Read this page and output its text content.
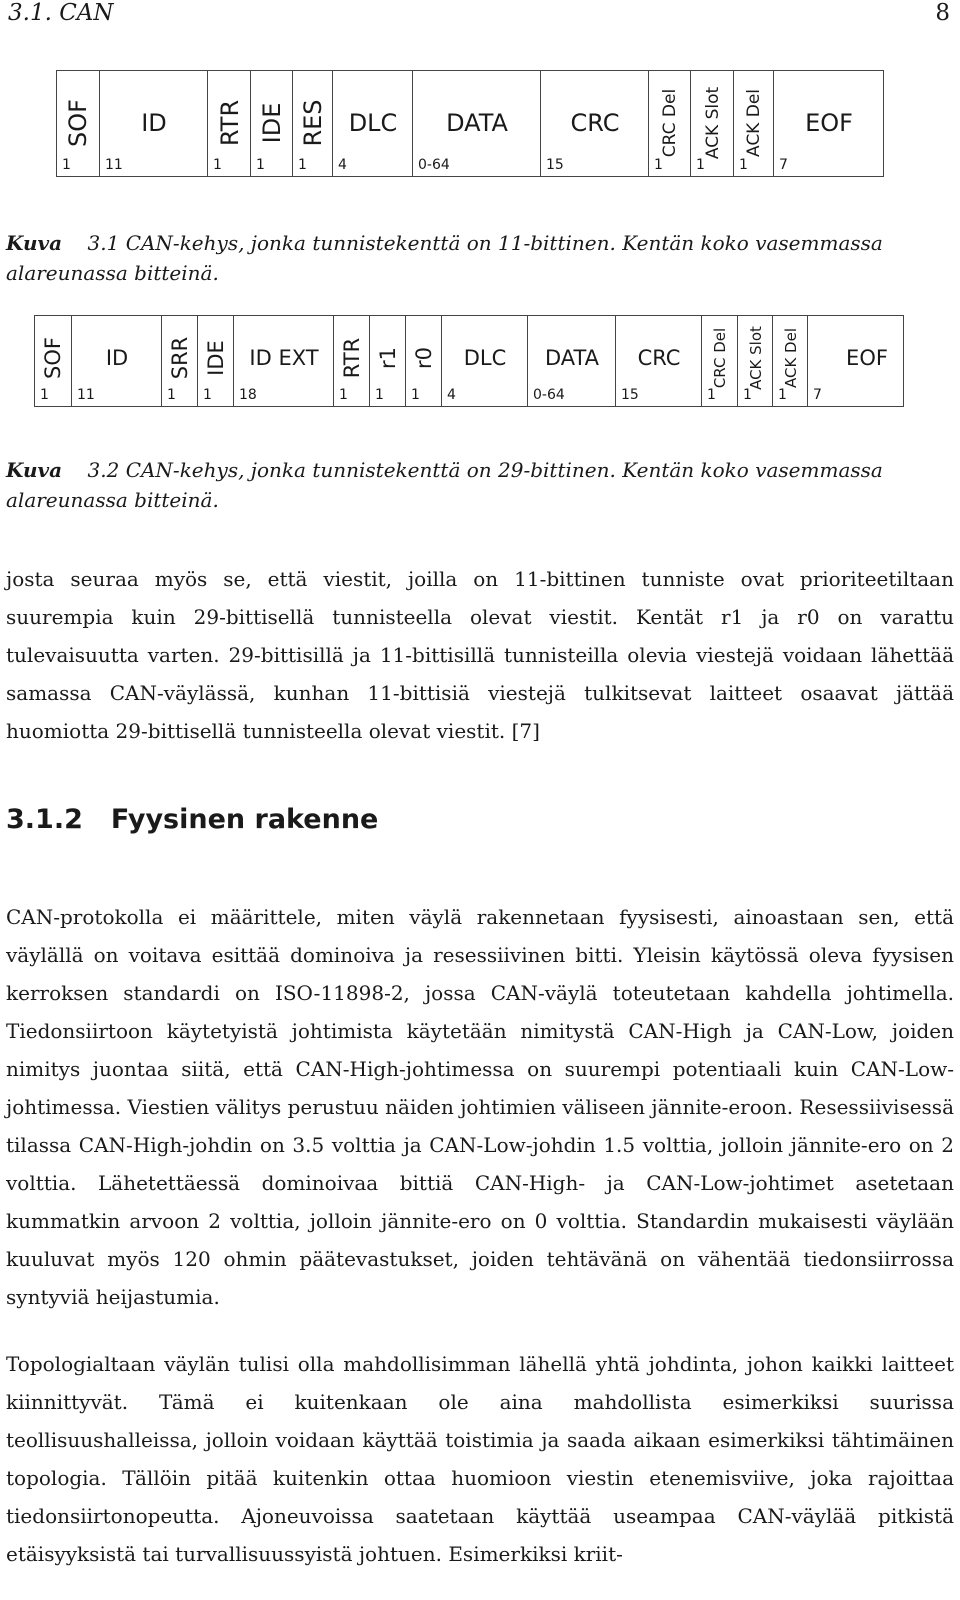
3.1. CAN	8
SOF
1
ID
11
RTR
1
IDE
1
RES
1
DLC
4
DATA
0-64
CRC
15
CRC Del
1
ACK Slot
1
ACK Del
1
EOF
7
Kuva 3.1 CAN-kehys, jonka tunnistekenttä on 11-bittinen. Kentän koko vasemmassa alareunassa bitteinä.
SOF
1
ID
11
SRR
1
IDE
1
ID EXT
18
RTR
1
r1
1
r0
1
DLC
4
DATA
0-64
CRC
15
CRC Del
1
ACK Slot
1
ACK Del
1
EOF
7
Kuva 3.2 CAN-kehys, jonka tunnistekenttä on 29-bittinen. Kentän koko vasemmassa alareunassa bitteinä.

josta seuraa myös se, että viestit, joilla on 11-bittinen tunniste ovat prioriteetiltaan suurempia kuin 29-bittisellä tunnisteella olevat viestit. Kentät r1 ja r0 on varattu tulevaisuutta varten. 29-bittisillä ja 11-bittisillä tunnisteilla olevia viestejä voidaan lähettää samassa CAN-väylässä, kunhan 11-bittisiä viestejä tulkitsevat laitteet osaavat jättää huomiotta 29-bittisellä tunnisteella olevat viestit. [7]

3.1.2 Fyysinen rakenne

CAN-protokolla ei määrittele, miten väylä rakennetaan fyysisesti, ainoastaan sen, että väylällä on voitava esittää dominoiva ja resessiivinen bitti. Yleisin käytössä oleva fyysisen kerroksen standardi on ISO-11898-2, jossa CAN-väylä toteutetaan kahdella johtimella. Tiedonsiirtoon käytetyistä johtimista käytetään nimitystä CAN-High ja CAN-Low, joiden nimitys juontaa siitä, että CAN-High-johtimessa on suurempi potentiaali kuin CAN-Low-johtimessa. Viestien välitys perustuu näiden johtimien väliseen jännite-eroon. Resessiivisessä tilassa CAN-High-johdin on 3.5 volttia ja CAN-Low-johdin 1.5 volttia, jolloin jännite-ero on 2 volttia. Lähetettäessä dominoivaa bittiä CAN-High- ja CAN-Low-johtimet asetetaan kummatkin arvoon 2 volttia, jolloin jännite-ero on 0 volttia. Standardin mukaisesti väylään kuuluvat myös 120 ohmin päätevastukset, joiden tehtävänä on vähentää tiedonsiirrossa syntyviä heijastumia.

Topologialtaan väylän tulisi olla mahdollisimman lähellä yhtä johdinta, johon kaikki laitteet kiinnittyvät. Tämä ei kuitenkaan ole aina mahdollista esimerkiksi suurissa teollisuushalleissa, jolloin voidaan käyttää toistimia ja saada aikaan esimerkiksi tähtimäinen topologia. Tällöin pitää kuitenkin ottaa huomioon viestin etenemisviive, joka rajoittaa tiedonsiirtonopeutta. Ajoneuvoissa saatetaan käyttää useampaa CAN-väylää pitkistä etäisyyksistä tai turvallisuussyistä johtuen. Esimerkiksi kriit-
